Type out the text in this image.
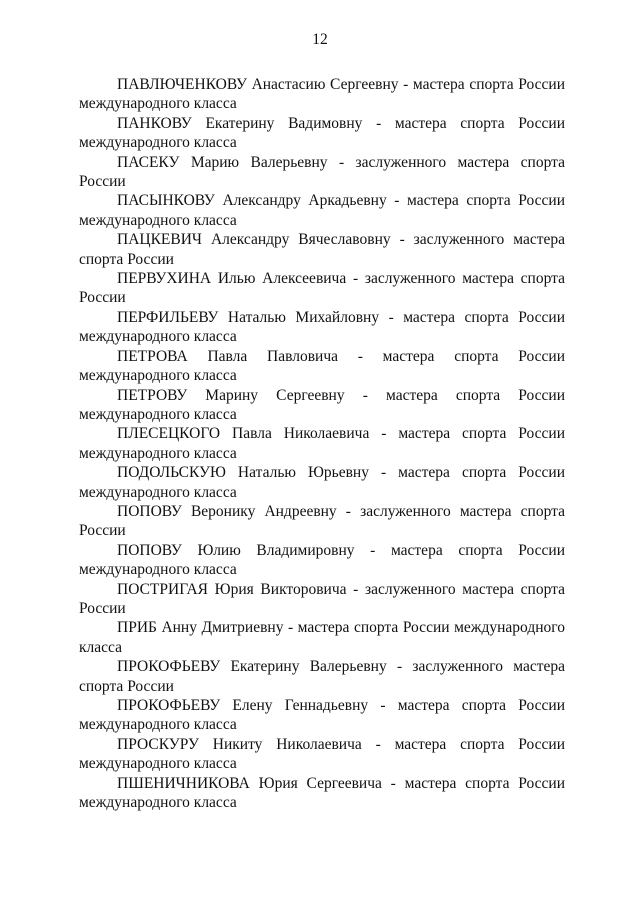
12

ПАВЛЮЧЕНКОВУ Анастасию Сергеевну - мастера спорта России международного класса

ПАНКОВУ Екатерину Вадимовну - мастера спорта России международного класса

ПАСЕКУ Марию Валерьевну - заслуженного мастера спорта России

ПАСЫНКОВУ Александру Аркадьевну - мастера спорта России международного класса

ПАЦКЕВИЧ Александру Вячеславовну - заслуженного мастера спорта России

ПЕРВУХИНА Илью Алексеевича - заслуженного мастера спорта России

ПЕРФИЛЬЕВУ Наталью Михайловну - мастера спорта России международного класса

ПЕТРОВА Павла Павловича - мастера спорта России международного класса

ПЕТРОВУ Марину Сергеевну - мастера спорта России международного класса

ПЛЕСЕЦКОГО Павла Николаевича - мастера спорта России международного класса

ПОДОЛЬСКУЮ Наталью Юрьевну - мастера спорта России международного класса

ПОПОВУ Веронику Андреевну - заслуженного мастера спорта России

ПОПОВУ Юлию Владимировну - мастера спорта России международного класса

ПОСТРИГАЯ Юрия Викторовича - заслуженного мастера спорта России

ПРИБ Анну Дмитриевну - мастера спорта России международного класса

ПРОКОФЬЕВУ Екатерину Валерьевну - заслуженного мастера спорта России

ПРОКОФЬЕВУ Елену Геннадьевну - мастера спорта России международного класса

ПРОСКУРУ Никиту Николаевича - мастера спорта России международного класса

ПШЕНИЧНИКОВА Юрия Сергеевича - мастера спорта России международного класса
